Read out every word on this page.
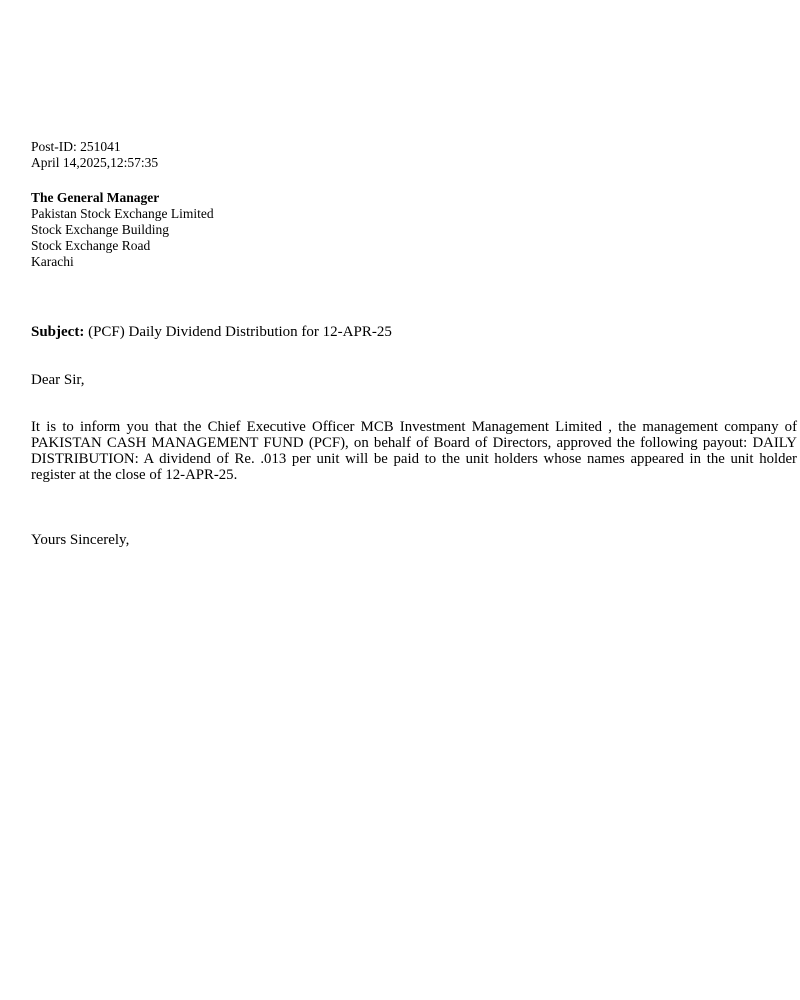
Post-ID: 251041
April 14,2025,12:57:35
The General Manager
Pakistan Stock Exchange Limited
Stock Exchange Building
Stock Exchange Road
Karachi
Subject: (PCF) Daily Dividend Distribution for 12-APR-25
Dear Sir,
It is to inform you that the Chief Executive Officer MCB Investment Management Limited , the management company of PAKISTAN CASH MANAGEMENT FUND (PCF), on behalf of Board of Directors, approved the following payout: DAILY DISTRIBUTION: A dividend of Re. .013 per unit will be paid to the unit holders whose names appeared in the unit holder register at the close of 12-APR-25.
Yours Sincerely,
